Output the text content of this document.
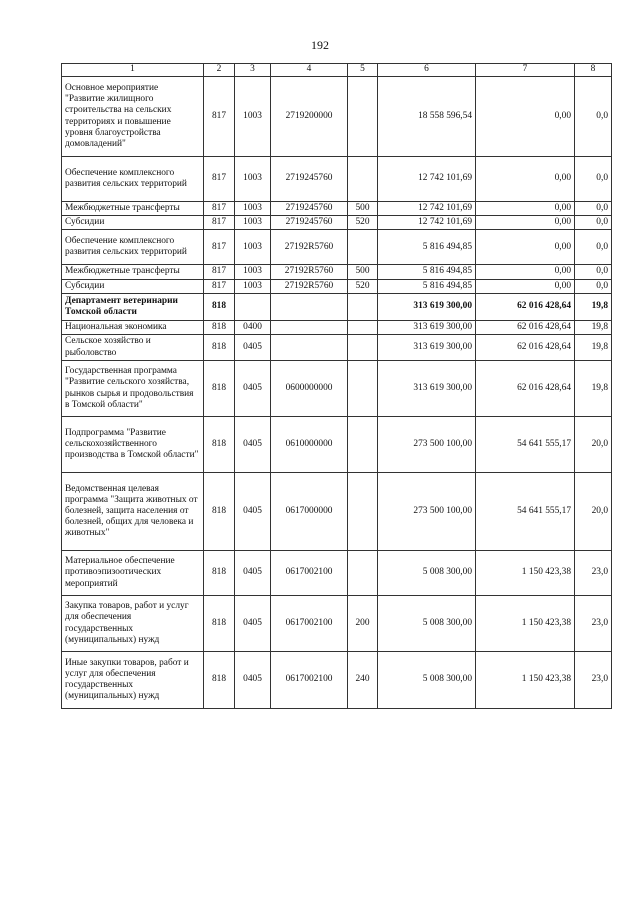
192
1	2	3	4	5	6	7	8
Основное мероприятие "Развитие жилищного строительства на сельских территориях и повышение уровня благоустройства домовладений"	817	1003	2719200000		18 558 596,54	0,00	0,0
Обеспечение комплексного развития сельских территорий	817	1003	2719245760		12 742 101,69	0,00	0,0
Межбюджетные трансферты	817	1003	2719245760	500	12 742 101,69	0,00	0,0
Субсидии	817	1003	2719245760	520	12 742 101,69	0,00	0,0
Обеспечение комплексного развития сельских территорий	817	1003	27192R5760		5 816 494,85	0,00	0,0
Межбюджетные трансферты	817	1003	27192R5760	500	5 816 494,85	0,00	0,0
Субсидии	817	1003	27192R5760	520	5 816 494,85	0,00	0,0
Департамент ветеринарии Томской области	818				313 619 300,00	62 016 428,64	19,8
Национальная экономика	818	0400			313 619 300,00	62 016 428,64	19,8
Сельское хозяйство и рыболовство	818	0405			313 619 300,00	62 016 428,64	19,8
Государственная программа "Развитие сельского хозяйства, рынков сырья и продовольствия в Томской области"	818	0405	0600000000		313 619 300,00	62 016 428,64	19,8
Подпрограмма "Развитие сельскохозяйственного производства в Томской области"	818	0405	0610000000		273 500 100,00	54 641 555,17	20,0
Ведомственная целевая программа "Защита животных от болезней, защита населения от болезней, общих для человека и животных"	818	0405	0617000000		273 500 100,00	54 641 555,17	20,0
Материальное обеспечение противоэпизоотических мероприятий	818	0405	0617002100		5 008 300,00	1 150 423,38	23,0
Закупка товаров, работ и услуг для обеспечения государственных (муниципальных) нужд	818	0405	0617002100	200	5 008 300,00	1 150 423,38	23,0
Иные закупки товаров, работ и услуг для обеспечения государственных (муниципальных) нужд	818	0405	0617002100	240	5 008 300,00	1 150 423,38	23,0
